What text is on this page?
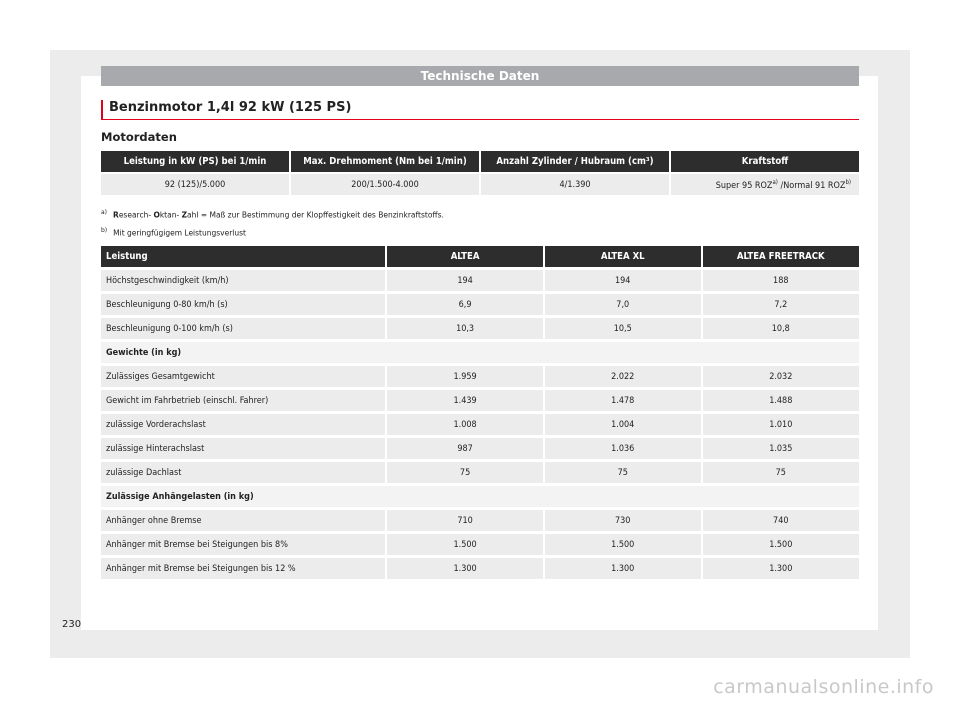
Technische Daten
Benzinmotor 1,4l 92 kW (125 PS)
Motordaten
Leistung in kW (PS) bei 1/min	Max. Drehmoment (Nm bei 1/min)	Anzahl Zylinder / Hubraum (cm³)	Kraftstoff
92 (125)/5.000	200/1.500-4.000	4/1.390	Super 95 ROZ$^{a)}$ /Normal 91 ROZ$^{b)}$
$^{a)}$ Research- Oktan- Zahl = Maß zur Bestimmung der Klopffestigkeit des Benzinkraftstoffs.
$^{b)}$ Mit geringfügigem Leistungsverlust
Leistung	ALTEA	ALTEA XL	ALTEA FREETRACK
Höchstgeschwindigkeit (km/h)	194	194	188
Beschleunigung 0-80 km/h (s)	6,9	7,0	7,2
Beschleunigung 0-100 km/h (s)	10,3	10,5	10,8
Gewichte (in kg)			
Zulässiges Gesamtgewicht	1.959	2.022	2.032
Gewicht im Fahrbetrieb (einschl. Fahrer)	1.439	1.478	1.488
zulässige Vorderachslast	1.008	1.004	1.010
zulässige Hinterachslast	987	1.036	1.035
zulässige Dachlast	75	75	75
Zulässige Anhängelasten (in kg)			
Anhänger ohne Bremse	710	730	740
Anhänger mit Bremse bei Steigungen bis 8%	1.500	1.500	1.500
Anhänger mit Bremse bei Steigungen bis 12 %	1.300	1.300	1.300
230
carmanualsonline.info
